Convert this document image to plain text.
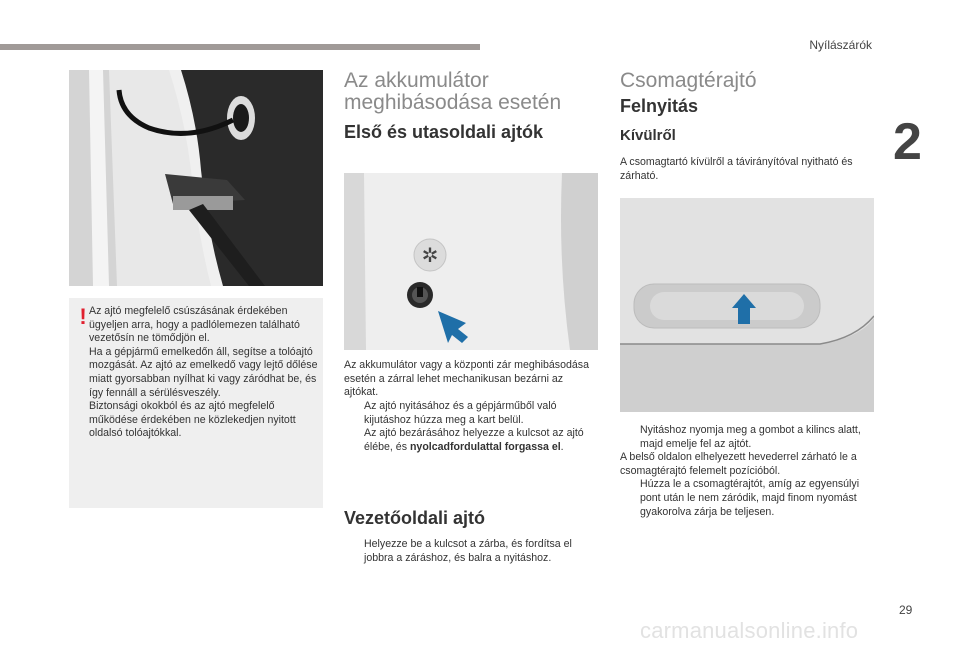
Nyílászárók
2
29
carmanualsonline.info
! Az ajtó megfelelő csúszásának érdekében ügyeljen arra, hogy a padlólemezen található vezetősín ne tömődjön el.
Ha a gépjármű emelkedőn áll, segítse a tolóajtó mozgását. Az ajtó az emelkedő vagy lejtő dőlése miatt gyorsabban nyílhat ki vagy záródhat be, és így fennáll a sérülésveszély.
Biztonsági okokból és az ajtó megfelelő működése érdekében ne közlekedjen nyitott oldalsó tolóajtókkal.
Az akkumulátor
meghibásodása esetén
Első és utasoldali ajtók
✲
Az akkumulátor vagy a központi zár meghibásodása esetén a zárral lehet mechanikusan bezárni az ajtókat.
Az ajtó nyitásához és a gépjárműből való kijutáshoz húzza meg a kart belül.
Az ajtó bezárásához helyezze a kulcsot az ajtó élébe, és nyolcadfordulattal forgassa el.
Vezetőoldali ajtó
Helyezze be a kulcsot a zárba, és fordítsa el jobbra a záráshoz, és balra a nyitáshoz.
Csomagtérajtó
Felnyitás
Kívülről
A csomagtartó kívülről a távirányítóval nyitható és zárható.
Nyitáshoz nyomja meg a gombot a kilincs alatt, majd emelje fel az ajtót.
A belső oldalon elhelyezett hevederrel zárható le a csomagtérajtó felemelt pozícióból.
Húzza le a csomagtérajtót, amíg az egyensúlyi pont után le nem záródik, majd finom nyomást gyakorolva zárja be teljesen.
